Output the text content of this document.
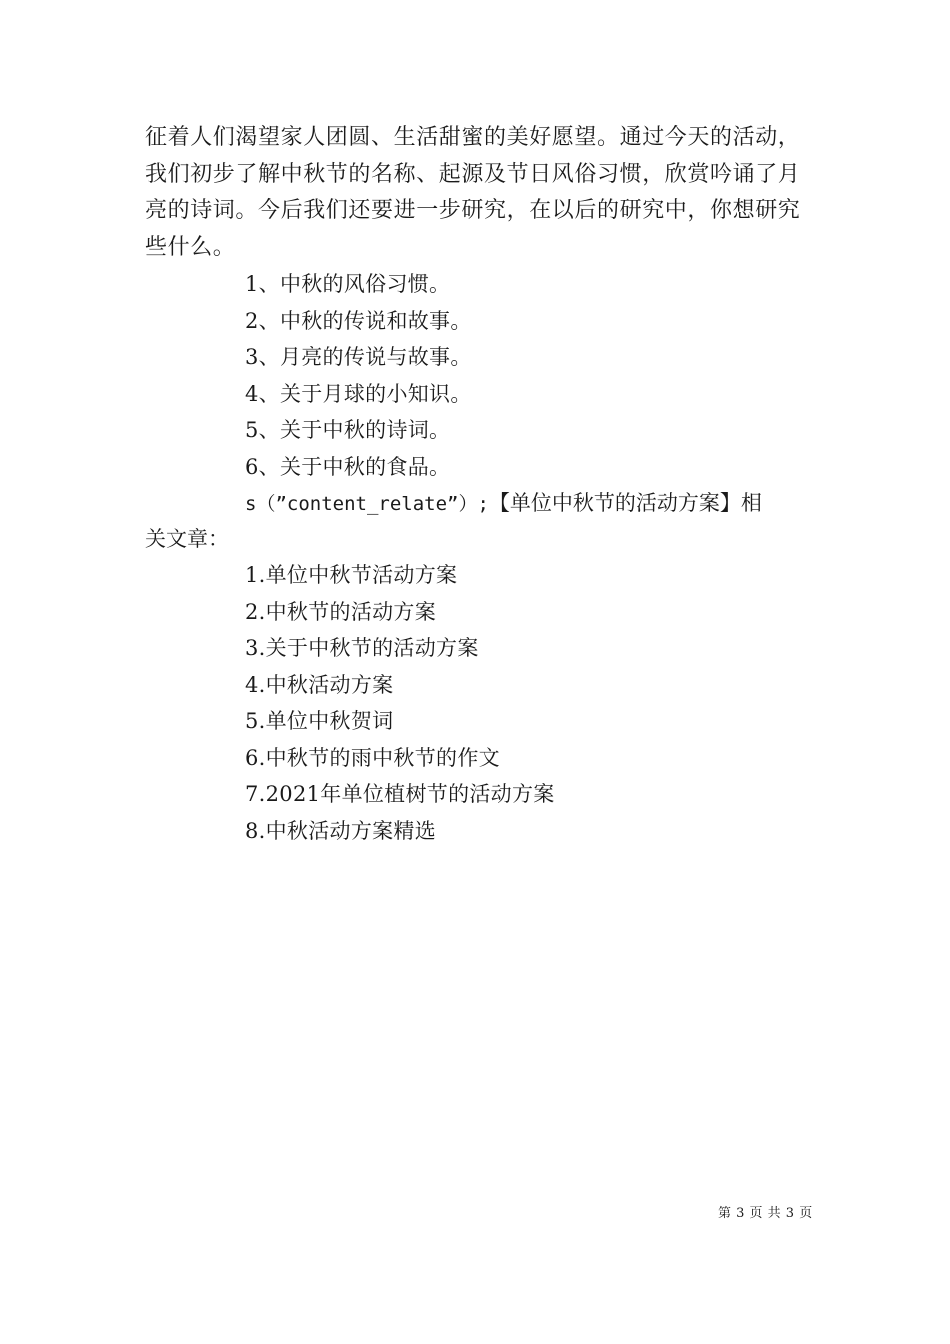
征着人们渴望家人团圆、生活甜蜜的美好愿望。通过今天的活动，
我们初步了解中秋节的名称、起源及节日风俗习惯，欣赏吟诵了月
亮的诗词。今后我们还要进一步研究，在以后的研究中，你想研究
些什么。
1、中秋的风俗习惯。
2、中秋的传说和故事。
3、月亮的传说与故事。
4、关于月球的小知识。
5、关于中秋的诗词。
6、关于中秋的食品。
s（”content_relate”）;【单位中秋节的活动方案】相
关文章：
1.单位中秋节活动方案
2.中秋节的活动方案
3.关于中秋节的活动方案
4.中秋活动方案
5.单位中秋贺词
6.中秋节的雨中秋节的作文
7.2021年单位植树节的活动方案
8.中秋活动方案精选
第 3 页 共 3 页
